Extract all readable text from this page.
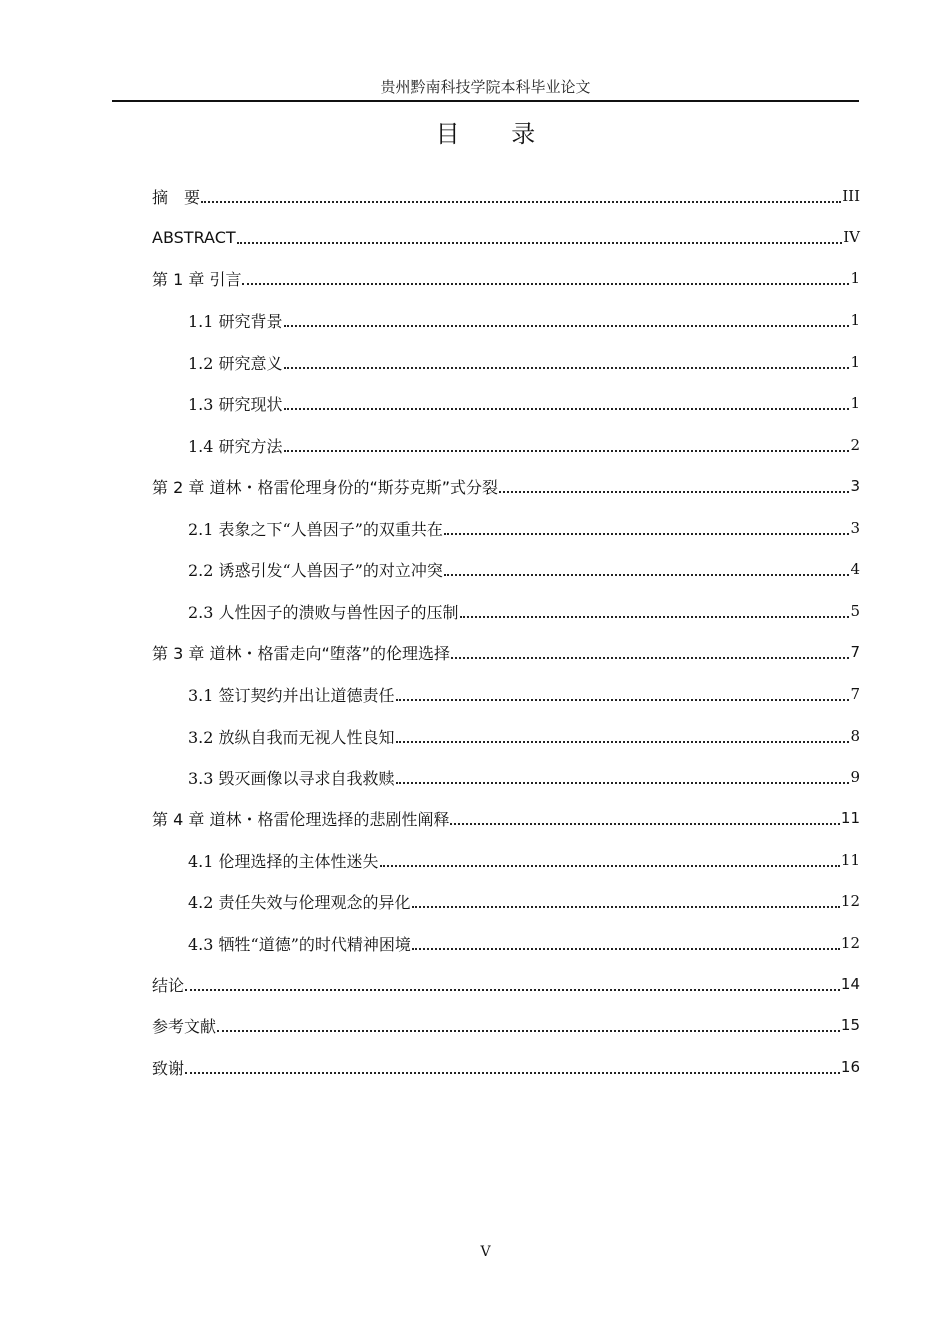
贵州黔南科技学院本科毕业论文
目 录
摘　要	III
ABSTRACT	IV
第 1 章 引言	1
1.1 研究背景	1
1.2 研究意义	1
1.3 研究现状	1
1.4 研究方法	2
第 2 章 道林・格雷伦理身份的“斯芬克斯”式分裂	3
2.1 表象之下“人兽因子”的双重共在	3
2.2 诱惑引发“人兽因子”的对立冲突	4
2.3 人性因子的溃败与兽性因子的压制	5
第 3 章 道林・格雷走向“堕落”的伦理选择	7
3.1 签订契约并出让道德责任	7
3.2 放纵自我而无视人性良知	8
3.3 毁灭画像以寻求自我救赎	9
第 4 章 道林・格雷伦理选择的悲剧性阐释	11
4.1 伦理选择的主体性迷失	11
4.2 责任失效与伦理观念的异化	12
4.3 牺牲“道德”的时代精神困境	12
结论	14
参考文献	15
致谢	16
V
